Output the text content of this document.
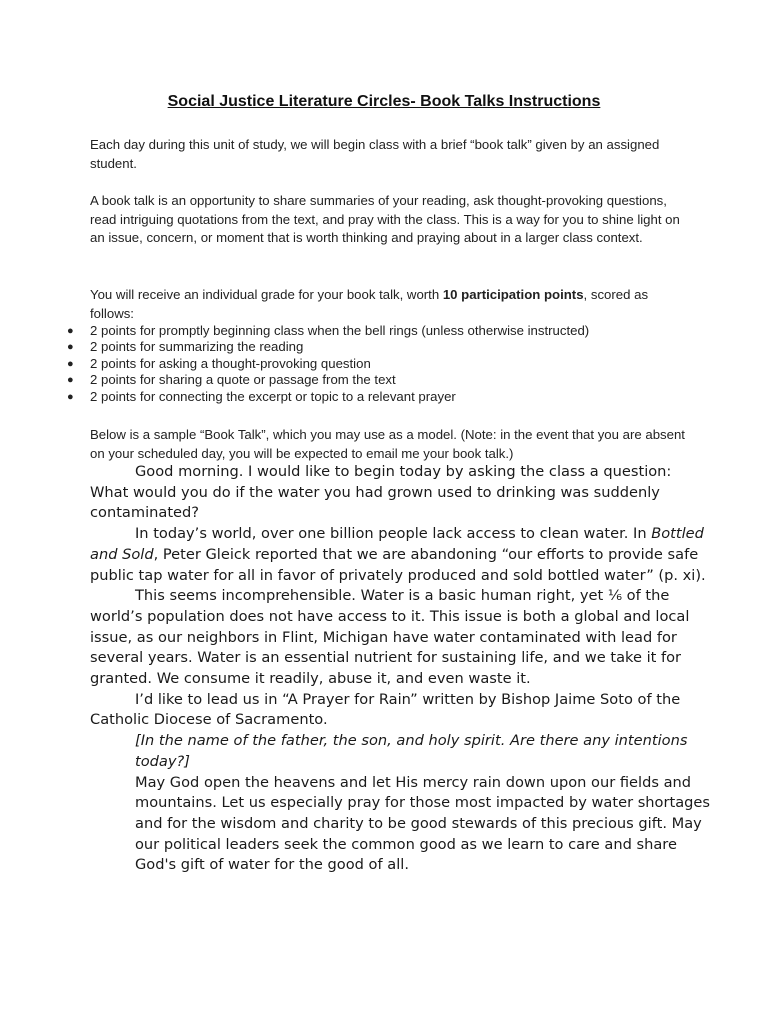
Social Justice Literature Circles- Book Talks Instructions

Each day during this unit of study, we will begin class with a brief “book talk” given by an assigned student.

A book talk is an opportunity to share summaries of your reading, ask thought-provoking questions, read intriguing quotations from the text, and pray with the class. This is a way for you to shine light on an issue, concern, or moment that is worth thinking and praying about in a larger class context.

You will receive an individual grade for your book talk, worth 10 participation points, scored as follows:

● 2 points for promptly beginning class when the bell rings (unless otherwise instructed)
● 2 points for summarizing the reading
● 2 points for asking a thought-provoking question
● 2 points for sharing a quote or passage from the text
● 2 points for connecting the excerpt or topic to a relevant prayer

Below is a sample “Book Talk”, which you may use as a model. (Note: in the event that you are absent on your scheduled day, you will be expected to email me your book talk.)

Good morning. I would like to begin today by asking the class a question: What would you do if the water you had grown used to drinking was suddenly contaminated?

In today’s world, over one billion people lack access to clean water. In Bottled and Sold, Peter Gleick reported that we are abandoning “our efforts to provide safe public tap water for all in favor of privately produced and sold bottled water” (p. xi).

This seems incomprehensible. Water is a basic human right, yet ⅙ of the world’s population does not have access to it. This issue is both a global and local issue, as our neighbors in Flint, Michigan have water contaminated with lead for several years. Water is an essential nutrient for sustaining life, and we take it for granted. We consume it readily, abuse it, and even waste it.

I’d like to lead us in “A Prayer for Rain” written by Bishop Jaime Soto of the Catholic Diocese of Sacramento.

[In the name of the father, the son, and holy spirit. Are there any intentions today?]

May God open the heavens and let His mercy rain down upon our fields and mountains. Let us especially pray for those most impacted by water shortages and for the wisdom and charity to be good stewards of this precious gift. May our political leaders seek the common good as we learn to care and share God's gift of water for the good of all.
